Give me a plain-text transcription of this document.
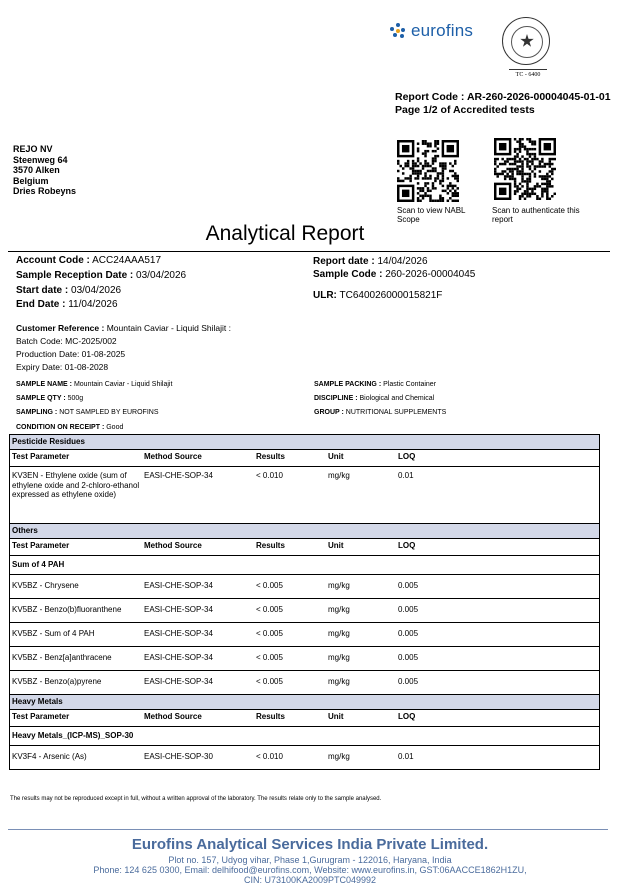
eurofins
TC - 6400
Report Code : AR-260-2026-00004045-01-01
Page 1/2 of Accredited tests
REJO NV
Steenweg 64
3570 Alken
Belgium
Dries Robeyns
Scan to view NABL Scope
Scan to authenticate this report
Analytical Report
Account Code : ACC24AAA517
Sample Reception Date : 03/04/2026
Start date : 03/04/2026
End Date : 11/04/2026
Report date : 14/04/2026
Sample Code : 260-2026-00004045
ULR: TC640026000015821F
Customer Reference : Mountain Caviar - Liquid Shilajit :
Batch Code: MC-2025/002
Production Date: 01-08-2025
Expiry Date: 01-08-2028
SAMPLE NAME : Mountain Caviar - Liquid Shilajit
SAMPLE QTY : 500g
SAMPLING : NOT SAMPLED BY EUROFINS
CONDITION ON RECEIPT : Good
SAMPLE PACKING : Plastic Container
DISCIPLINE : Biological and Chemical
GROUP : NUTRITIONAL SUPPLEMENTS
Pesticide Residues
Test Parameter	Method Source	Results	Unit	LOQ
KV3EN - Ethylene oxide (sum of ethylene oxide and 2-chloro-ethanol expressed as ethylene oxide)
EASI-CHE-SOP-34	< 0.010	mg/kg	0.01
Others
Test Parameter	Method Source	Results	Unit	LOQ
Sum of 4 PAH
KV5BZ - Chrysene	EASI-CHE-SOP-34	< 0.005	mg/kg	0.005
KV5BZ - Benzo(b)fluoranthene	EASI-CHE-SOP-34	< 0.005	mg/kg	0.005
KV5BZ - Sum of 4 PAH	EASI-CHE-SOP-34	< 0.005	mg/kg	0.005
KV5BZ - Benz[a]anthracene	EASI-CHE-SOP-34	< 0.005	mg/kg	0.005
KV5BZ - Benzo(a)pyrene	EASI-CHE-SOP-34	< 0.005	mg/kg	0.005
Heavy Metals
Test Parameter	Method Source	Results	Unit	LOQ
Heavy Metals_(ICP-MS)_SOP-30
KV3F4 - Arsenic (As)	EASI-CHE-SOP-30	< 0.010	mg/kg	0.01
The results may not be reproduced except in full, without a written approval of the laboratory. The results relate only to the sample analysed.
Eurofins Analytical Services India Private Limited.
Plot no. 157, Udyog vihar, Phase 1,Gurugram - 122016, Haryana, India
Phone: 124 625 0300, Email: delhifood@eurofins.com, Website: www.eurofins.in, GST:06AACCE1862H1ZU,
CIN: U73100KA2009PTC049992
